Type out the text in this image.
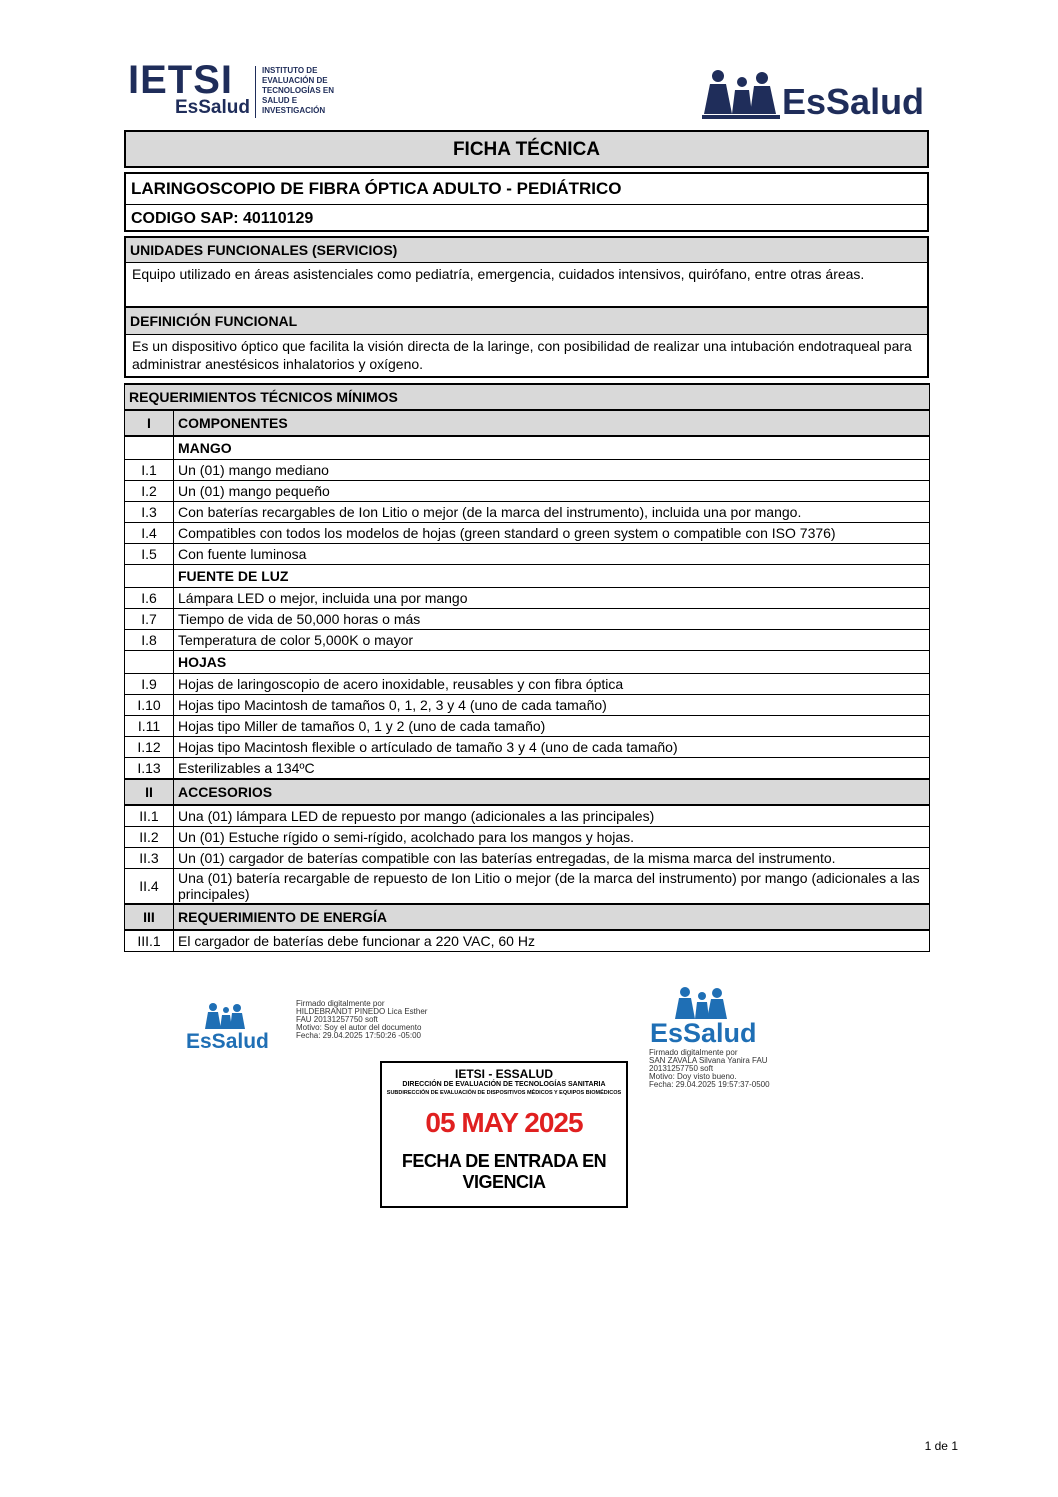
IETSI
EsSalud
INSTITUTO DE EVALUACIÓN DE TECNOLOGÍAS EN SALUD E INVESTIGACIÓN	EsSalud
FICHA TÉCNICA
LARINGOSCOPIO DE FIBRA ÓPTICA ADULTO - PEDIÁTRICO
CODIGO SAP: 40110129
UNIDADES FUNCIONALES (SERVICIOS)
Equipo utilizado en áreas asistenciales como pediatría, emergencia, cuidados intensivos, quirófano, entre otras áreas.
DEFINICIÓN FUNCIONAL
Es un dispositivo óptico que facilita la visión directa de la laringe, con posibilidad de realizar una intubación endotraqueal para administrar anestésicos inhalatorios y oxígeno.
REQUERIMIENTOS TÉCNICOS MÍNIMOS	
I	COMPONENTES
	MANGO
I.1	Un (01) mango mediano
I.2	Un (01) mango pequeño
I.3	Con baterías recargables de Ion Litio o mejor (de la marca del instrumento), incluida una por mango.
I.4	Compatibles con todos los modelos de hojas (green standard o green system o compatible con ISO 7376)
I.5	Con fuente luminosa
	FUENTE DE LUZ
I.6	Lámpara LED o mejor, incluida una por mango
I.7	Tiempo de vida de 50,000 horas o más
I.8	Temperatura de color 5,000K o mayor
	HOJAS
I.9	Hojas de laringoscopio de acero inoxidable, reusables y con fibra óptica
I.10	Hojas tipo Macintosh de tamaños 0, 1, 2, 3 y 4 (uno de cada tamaño)
I.11	Hojas tipo Miller de tamaños 0, 1 y 2 (uno de cada tamaño)
I.12	Hojas tipo Macintosh flexible o artículado de tamaño 3 y 4 (uno de cada tamaño)
I.13	Esterilizables a 134ºC
II	ACCESORIOS
II.1	Una (01) lámpara LED de repuesto por mango (adicionales a las principales)
II.2	Un (01) Estuche rígido o semi-rígido, acolchado para los mangos y hojas.
II.3	Un (01) cargador de baterías compatible con las baterías entregadas, de la misma marca del instrumento.
II.4	Una (01) batería recargable de repuesto de Ion Litio o mejor (de la marca del instrumento) por mango (adicionales a las principales)
III	REQUERIMIENTO DE ENERGÍA
III.1	El cargador de baterías debe funcionar a 220 VAC, 60 Hz
EsSalud
Firmado digitalmente por
HILDEBRANDT PINEDO Lica Esther
FAU 20131257750 soft
Motivo: Soy el autor del documento
Fecha: 29.04.2025 17:50:26 -05:00	EsSalud
Firmado digitalmente por
SAN ZAVALA Silvana Yanira FAU
20131257750 soft
Motivo: Doy visto bueno.
Fecha: 29.04.2025 19:57:37-0500
IETSI - ESSALUD
DIRECCIÓN DE EVALUACIÓN DE TECNOLOGÍAS SANITARIA
SUBDIRECCIÓN DE EVALUACIÓN DE DISPOSITIVOS MÉDICOS Y EQUIPOS BIOMÉDICOS
05 MAY 2025
FECHA DE ENTRADA EN VIGENCIA
1 de 1
